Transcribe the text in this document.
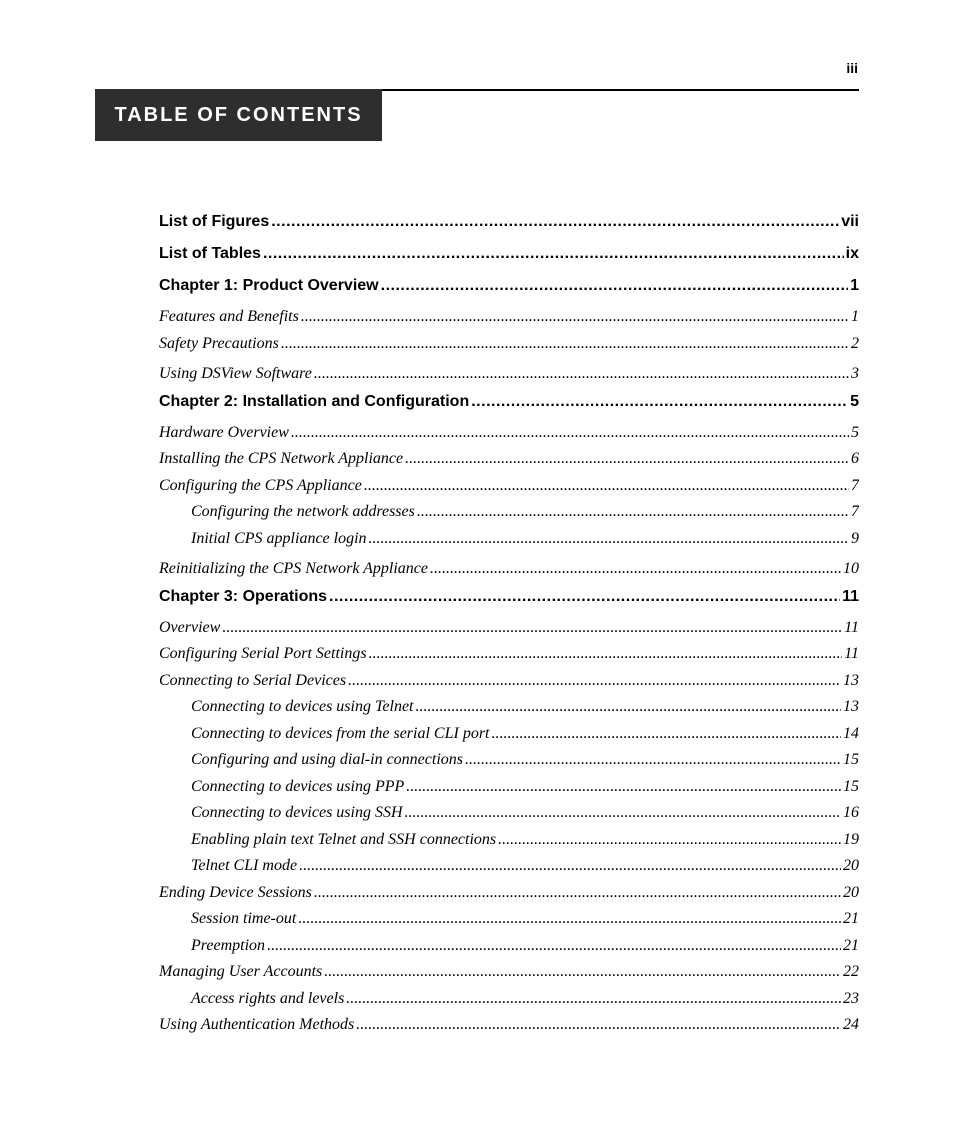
iii
TABLE OF CONTENTS
List of Figures .....	vii
List of Tables .....	ix
Chapter 1: Product Overview .....	1
Features and Benefits .....	1
Safety Precautions .....	2
Using DSView Software .....	3
Chapter 2: Installation and Configuration .....	5
Hardware Overview .....	5
Installing the CPS Network Appliance .....	6
Configuring the CPS Appliance .....	7
Configuring the network addresses .....	7
Initial CPS appliance login .....	9
Reinitializing the CPS Network Appliance .....	10
Chapter 3: Operations .....	11
Overview .....	11
Configuring Serial Port Settings .....	11
Connecting to Serial Devices .....	13
Connecting to devices using Telnet .....	13
Connecting to devices from the serial CLI port .....	14
Configuring and using dial-in connections .....	15
Connecting to devices using PPP .....	15
Connecting to devices using SSH .....	16
Enabling plain text Telnet and SSH connections .....	19
Telnet CLI mode .....	20
Ending Device Sessions .....	20
Session time-out .....	21
Preemption .....	21
Managing User Accounts .....	22
Access rights and levels .....	23
Using Authentication Methods .....	24
